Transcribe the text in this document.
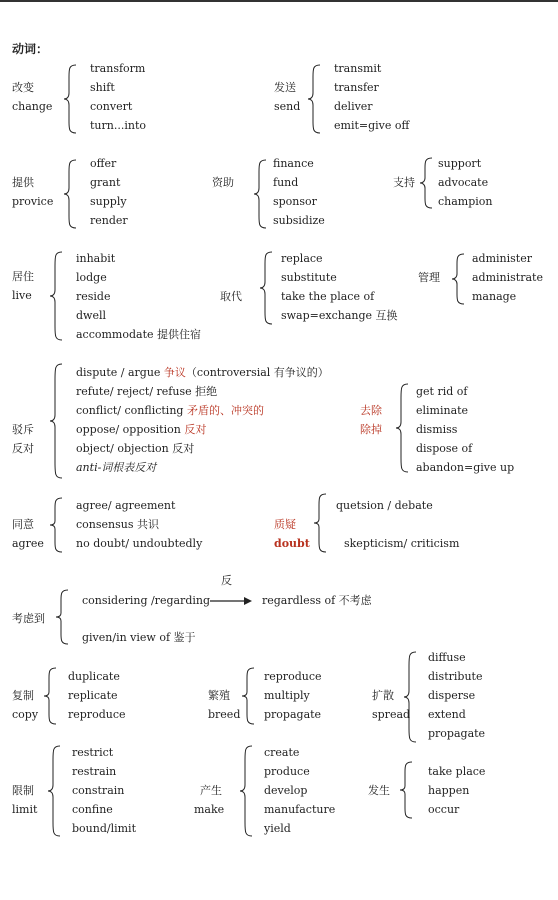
动词：
改变
change
transform
shift
convert
turn...into
发送
send
transmit
transfer
deliver
emit=give off
提供
provice
offer
grant
supply
render
资助
finance
fund
sponsor
subsidize
支持
support
advocate
champion
居住
live
inhabit
lodge
reside
dwell
accommodate 提供住宿
取代
replace
substitute
take the place of
swap=exchange 互换
管理
administer
administrate
manage
驳斥
反对
dispute / argue 争议（controversial 有争议的）
refute/ reject/ refuse 拒绝
conflict/ conflicting 矛盾的、冲突的
oppose/ opposition 反对
object/ objection 反对
anti-词根表反对
去除
除掉
get rid of
eliminate
dismiss
dispose of
abandon=give up
同意
agree
agree/ agreement
consensus 共识
no doubt/ undoubtedly
质疑
doubt
quetsion / debate
skepticism/ criticism
考虑到
considering /regarding
given/in view of 鉴于
反
regardless of 不考虑
复制
copy
duplicate
replicate
reproduce
繁殖
breed
reproduce
multiply
propagate
扩散
spread
diffuse
distribute
disperse
extend
propagate
限制
limit
restrict
restrain
constrain
confine
bound/limit
产生
make
create
produce
develop
manufacture
yield
发生
take place
happen
occur
